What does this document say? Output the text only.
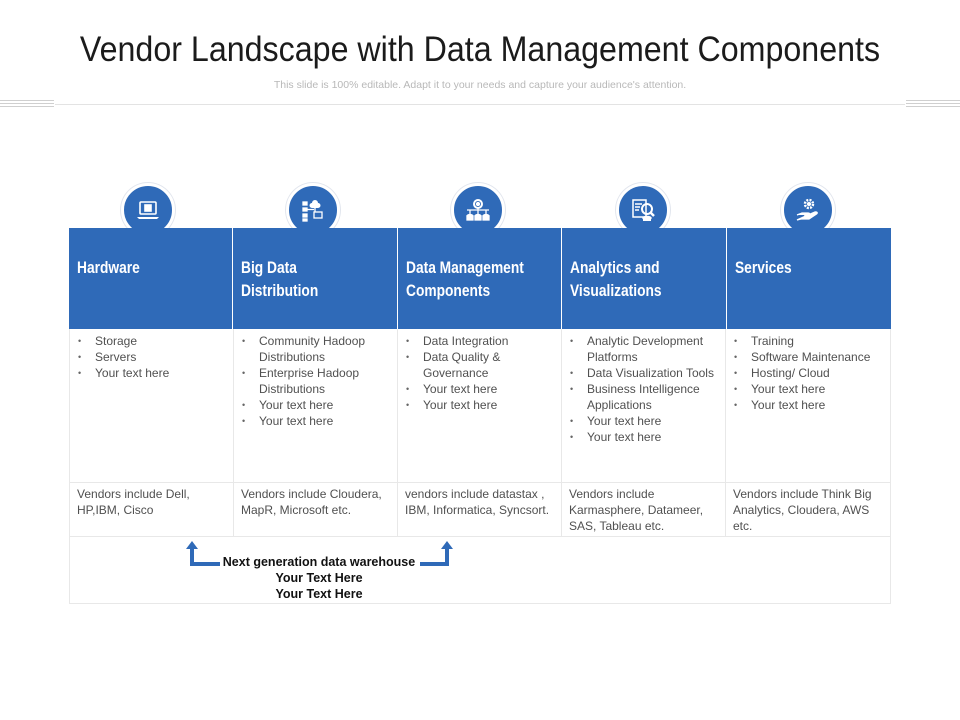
Vendor Landscape with Data Management Components
This slide is 100% editable. Adapt it to your needs and capture your audience's attention.
Hardware	Big Data
Distribution
Data Management
Components
Analytics and
Visualizations
Services

• Storage
• Servers
• Your text here
• Community Hadoop Distributions
• Enterprise Hadoop Distributions
• Your text here
• Your text here
• Data Integration
• Data Quality & Governance
• Your text here
• Your text here
• Analytic Development Platforms
• Data Visualization Tools
• Business Intelligence Applications
• Your text here
• Your text here
• Training
• Software Maintenance
• Hosting/ Cloud
• Your text here
• Your text here
Vendors include Dell, HP,IBM, Cisco
Vendors include Cloudera, MapR, Microsoft etc.
vendors include datastax , IBM, Informatica, Syncsort.
Vendors include Karmasphere, Datameer, SAS, Tableau etc.
Vendors include Think Big Analytics, Cloudera, AWS etc.
Next generation data warehouse
Your Text Here
Your Text Here
